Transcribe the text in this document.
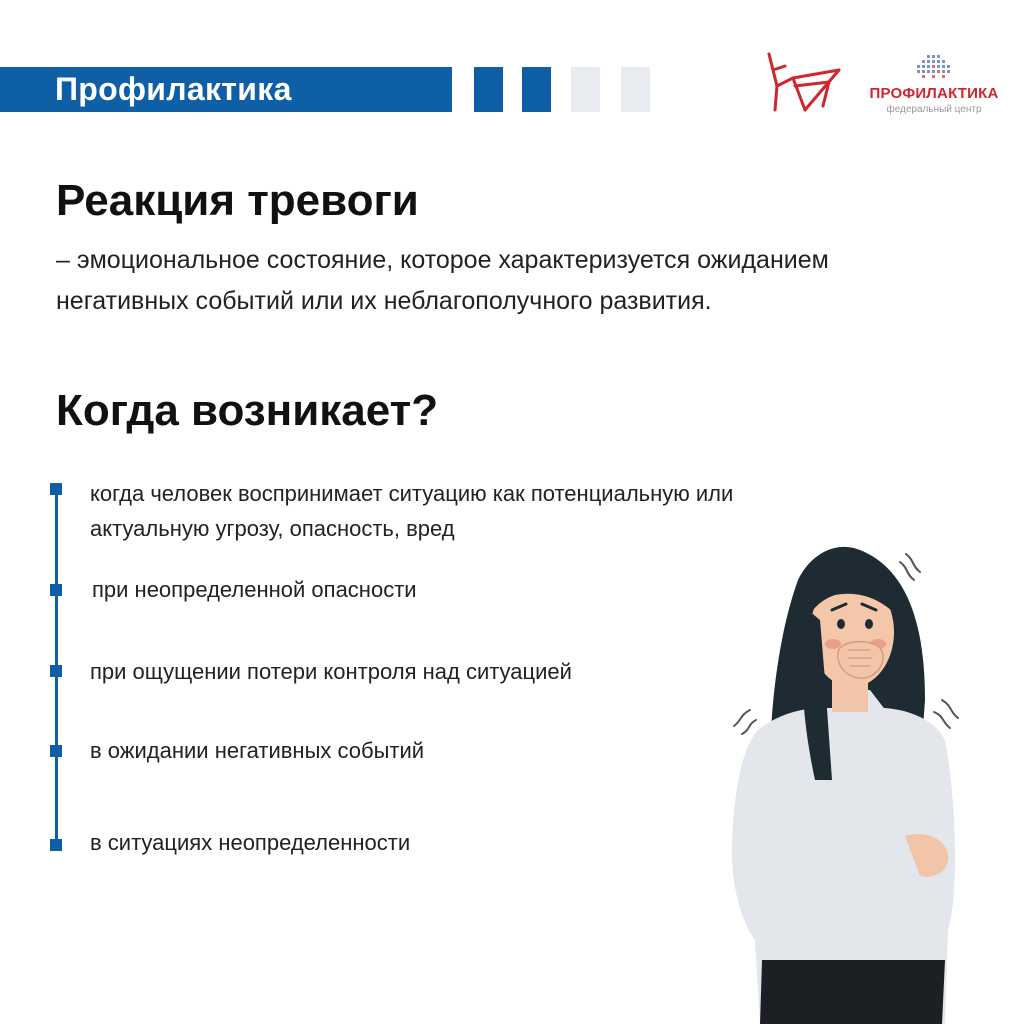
Профилактика	ПРОФИЛАКТИКА
федеральный центр
Реакция тревоги

– эмоциональное состояние, которое характеризуется ожиданием негативных событий или их неблагополучного развития.

Когда возникает?

когда человек воспринимает ситуацию как потенциальную или актуальную угрозу, опасность, вред

при неопределенной опасности

при ощущении потери контроля над ситуацией

в ожидании негативных событий

в ситуациях неопределенности
